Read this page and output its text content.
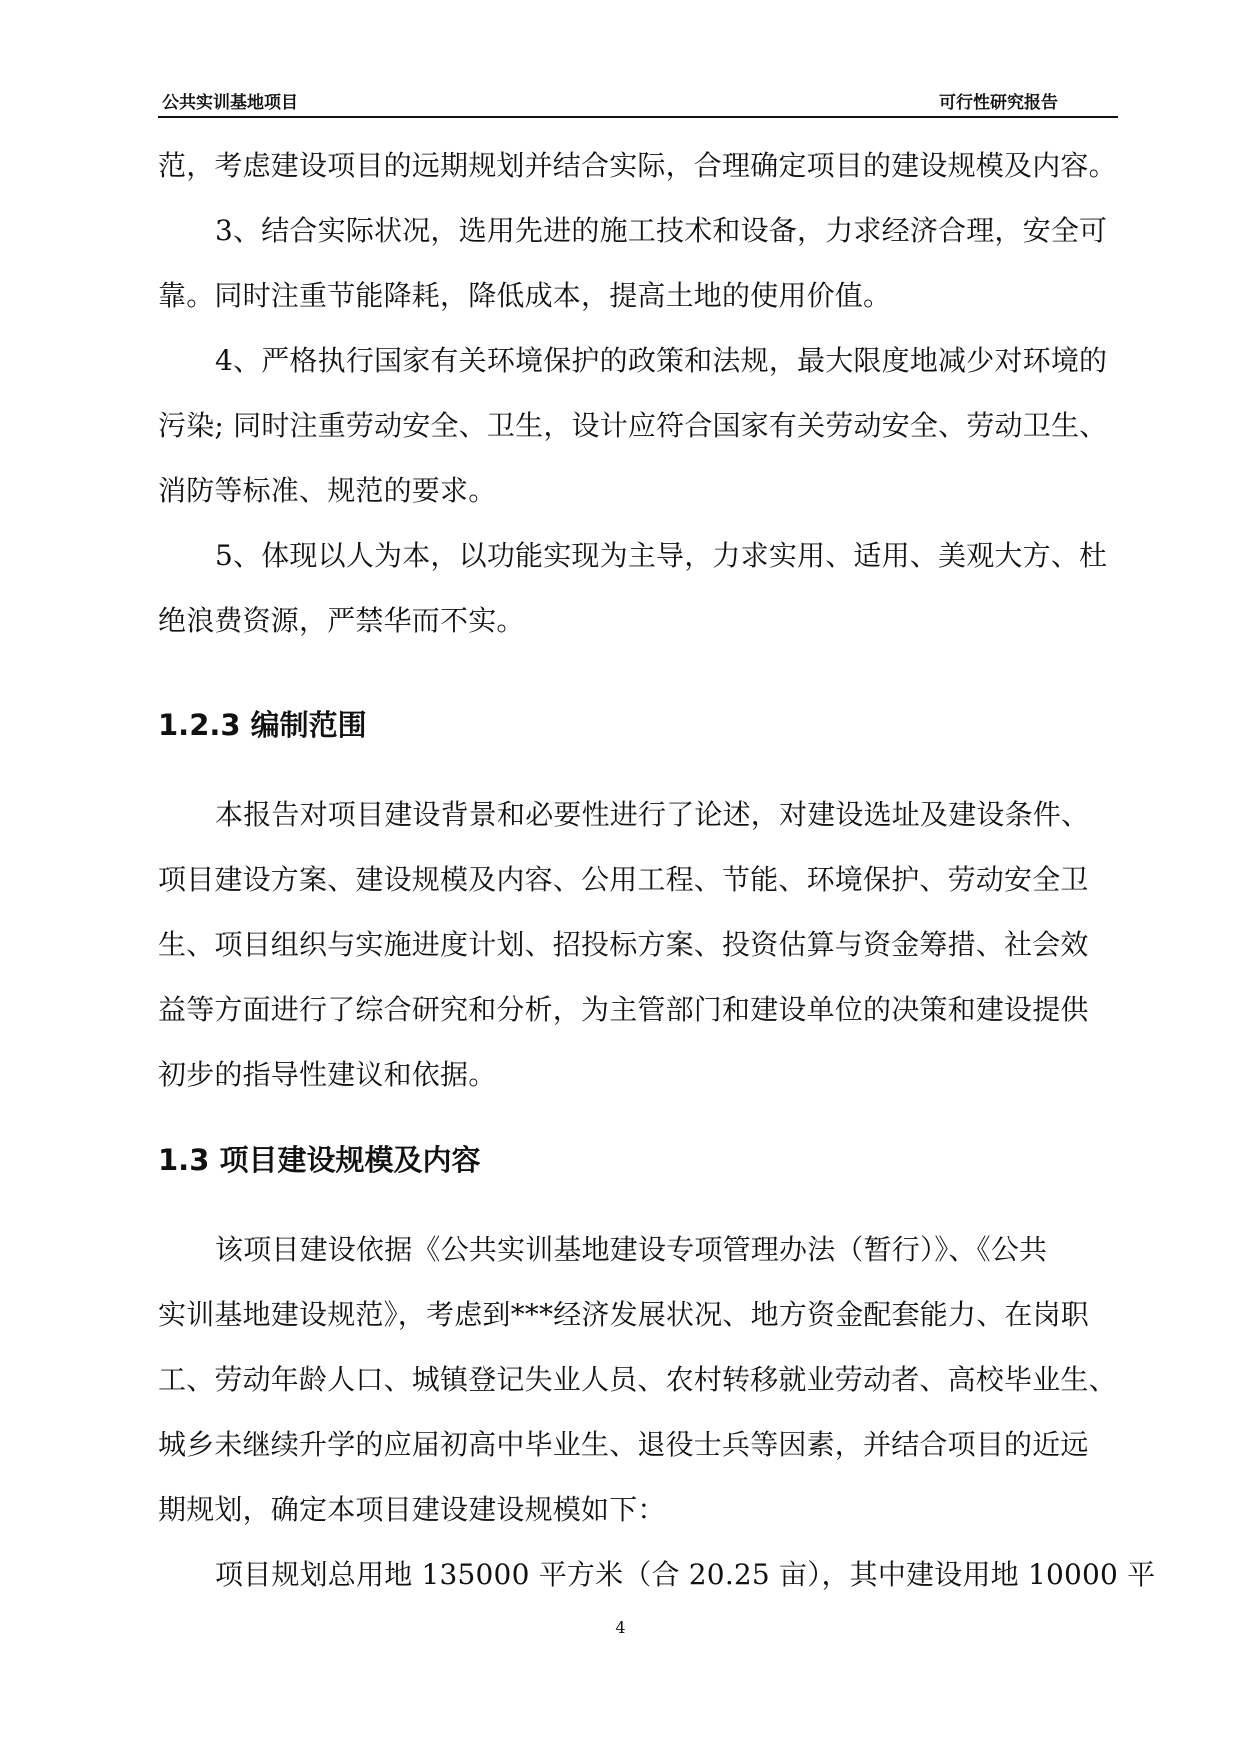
公共实训基地项目	可行性研究报告

范，考虑建设项目的远期规划并结合实际，合理确定项目的建设规模及内容。

3、结合实际状况，选用先进的施工技术和设备，力求经济合理，安全可

靠。同时注重节能降耗，降低成本，提高土地的使用价值。

4、严格执行国家有关环境保护的政策和法规，最大限度地减少对环境的

污染; 同时注重劳动安全、卫生，设计应符合国家有关劳动安全、劳动卫生、

消防等标准、规范的要求。

5、体现以人为本，以功能实现为主导，力求实用、适用、美观大方、杜

绝浪费资源，严禁华而不实。

1.2.3 编制范围

本报告对项目建设背景和必要性进行了论述，对建设选址及建设条件、

项目建设方案、建设规模及内容、公用工程、节能、环境保护、劳动安全卫

生、项目组织与实施进度计划、招投标方案、投资估算与资金筹措、社会效

益等方面进行了综合研究和分析，为主管部门和建设单位的决策和建设提供

初步的指导性建议和依据。

1.3 项目建设规模及内容

该项目建设依据《公共实训基地建设专项管理办法（暂行）》、《公共

实训基地建设规范》，考虑到***经济发展状况、地方资金配套能力、在岗职

工、劳动年龄人口、城镇登记失业人员、农村转移就业劳动者、高校毕业生、

城乡未继续升学的应届初高中毕业生、退役士兵等因素，并结合项目的近远

期规划，确定本项目建设建设规模如下：

项目规划总用地 135000 平方米（合 20.25 亩），其中建设用地 10000 平

4
